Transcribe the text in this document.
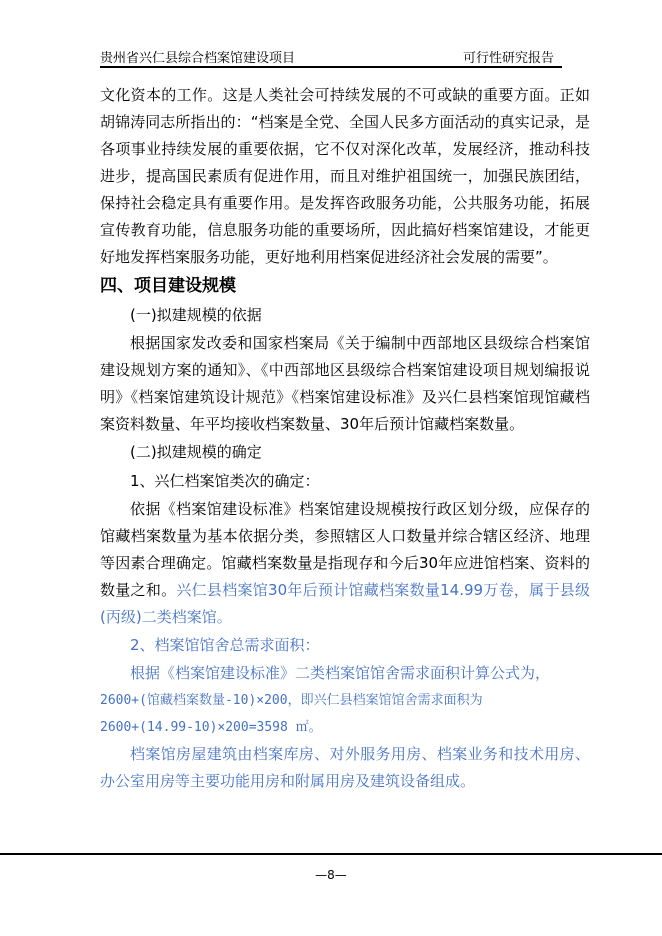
贵州省兴仁县综合档案馆建设项目	可行性研究报告

文化资本的工作。这是人类社会可持续发展的不可或缺的重要方面。正如胡锦涛同志所指出的：“档案是全党、全国人民多方面活动的真实记录，是各项事业持续发展的重要依据，它不仅对深化改革，发展经济，推动科技进步，提高国民素质有促进作用，而且对维护祖国统一，加强民族团结，保持社会稳定具有重要作用。是发挥咨政服务功能，公共服务功能，拓展宣传教育功能，信息服务功能的重要场所，因此搞好档案馆建设，才能更好地发挥档案服务功能，更好地利用档案促进经济社会发展的需要”。

四、项目建设规模

(一)拟建规模的依据

根据国家发改委和国家档案局《关于编制中西部地区县级综合档案馆建设规划方案的通知》、《中西部地区县级综合档案馆建设项目规划编报说明》《档案馆建筑设计规范》《档案馆建设标准》及兴仁县档案馆现馆藏档案资料数量、年平均接收档案数量、30年后预计馆藏档案数量。

(二)拟建规模的确定

1、兴仁档案馆类次的确定：

依据《档案馆建设标准》档案馆建设规模按行政区划分级，应保存的馆藏档案数量为基本依据分类，参照辖区人口数量并综合辖区经济、地理等因素合理确定。馆藏档案数量是指现存和今后30年应进馆档案、资料的数量之和。兴仁县档案馆30年后预计馆藏档案数量14.99万卷，属于县级(丙级)二类档案馆。

2、档案馆馆舍总需求面积：

根据《档案馆建设标准》二类档案馆馆舍需求面积计算公式为，

2600+(馆藏档案数量-10)×200，即兴仁县档案馆馆舍需求面积为

2600+(14.99-10)×200=3598 ㎡。

档案馆房屋建筑由档案库房、对外服务用房、档案业务和技术用房、办公室用房等主要功能用房和附属用房及建筑设备组成。

—8—
